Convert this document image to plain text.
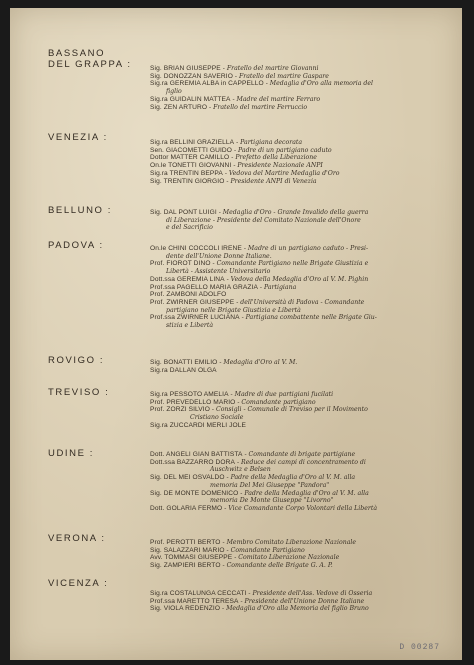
BASSANO
DEL GRAPPA :
VENEZIA :
BELLUNO :
PADOVA :
ROVIGO :
TREVISO :
UDINE :
VERONA :
VICENZA :
Sig. BRIAN GIUSEPPE - Fratello del martire Giovanni
Sig. DONOZZAN SAVERIO - Fratello del martire Gaspare
Sig.ra GEREMIA ALBA in CAPPELLO - Medaglia d'Oro alla memoria del
figlio
Sig.ra GUIDALIN MATTEA - Madre del martire Ferraro
Sig. ZEN ARTURO - Fratello del martire Ferruccio
Sig.ra BELLINI GRAZIELLA - Partigiana decorata
Sen. GIACOMETTI GUIDO - Padre di un partigiano caduto
Dottor MATTER CAMILLO - Prefetto della Liberazione
On.le TONETTI GIOVANNI - Presidente Nazionale ANPI
Sig.ra TRENTIN BEPPA - Vedova del Martire Medaglia d'Oro
Sig. TRENTIN GIORGIO - Presidente ANPI di Venezia
Sig. DAL PONT LUIGI - Medaglia d'Oro - Grande Invalido della guerra
di Liberazione - Presidente del Comitato Nazionale dell'Onore
e del Sacrificio
On.le CHINI COCCOLI IRENE - Madre di un partigiano caduto - Presi-
dente dell'Unione Donne Italiane.
Prof. FIOROT DINO - Comandante Partigiano nelle Brigate Giustizia e
Libertà - Assistente Universitario
Dott.ssa GEREMIA LINA - Vedova della Medaglia d'Oro al V. M. Pighin
Prof.ssa PAGELLO MARIA GRAZIA - Partigiana
Prof. ZAMBONI ADOLFO
Prof. ZWIRNER GIUSEPPE - dell'Università di Padova - Comandante
partigiano nelle Brigate Giustizia e Libertà
Prof.ssa ZWIRNER LUCIANA - Partigiana combattente nelle Brigate Giu-
stizia e Libertà
Sig. BONATTI EMILIO - Medaglia d'Oro al V. M.
Sig.ra DALLAN OLGA
Sig.ra PESSOTO AMELIA - Madre di due partigiani fucilati
Prof. PREVEDELLO MARIO - Comandante partigiano
Prof. ZORZI SILVIO - Consigli - Comunale di Treviso per il Movimento
Cristiano Sociale
Sig.ra ZUCCARDI MERLI JOLE
Dott. ANGELI GIAN BATTISTA - Comandante di brigate partigiane
Dott.ssa BAZZARRO DORA - Reduce dei campi di concentramento di
Auschwitz e Belsen
Sig. DEL MEI OSVALDO - Padre della Medaglia d'Oro al V. M. alla
memoria Del Mei Giuseppe "Pandora"
Sig. DE MONTE DOMENICO - Padre della Medaglia d'Oro al V. M. alla
memoria De Monte Giuseppe "Livorno"
Dott. GOLARIA FERMO - Vice Comandante Corpo Volontari della Libertà
Prof. PEROTTI BERTO - Membro Comitato Liberazione Nazionale
Sig. SALAZZARI MARIO - Comandante Partigiano
Avv. TOMMASI GIUSEPPE - Comitato Liberazione Nazionale
Sig. ZAMPIERI BERTO - Comandante delle Brigate G. A. P.
Sig.ra COSTALUNGA CECCATI - Presidente dell'Ass. Vedove di Osseria
Prof.ssa MARETTO TERESA - Presidente dell'Unione Donne Italiane
Sig. VIOLA REDENZIO - Medaglia d'Oro alla Memoria del figlio Bruno
D 00287
